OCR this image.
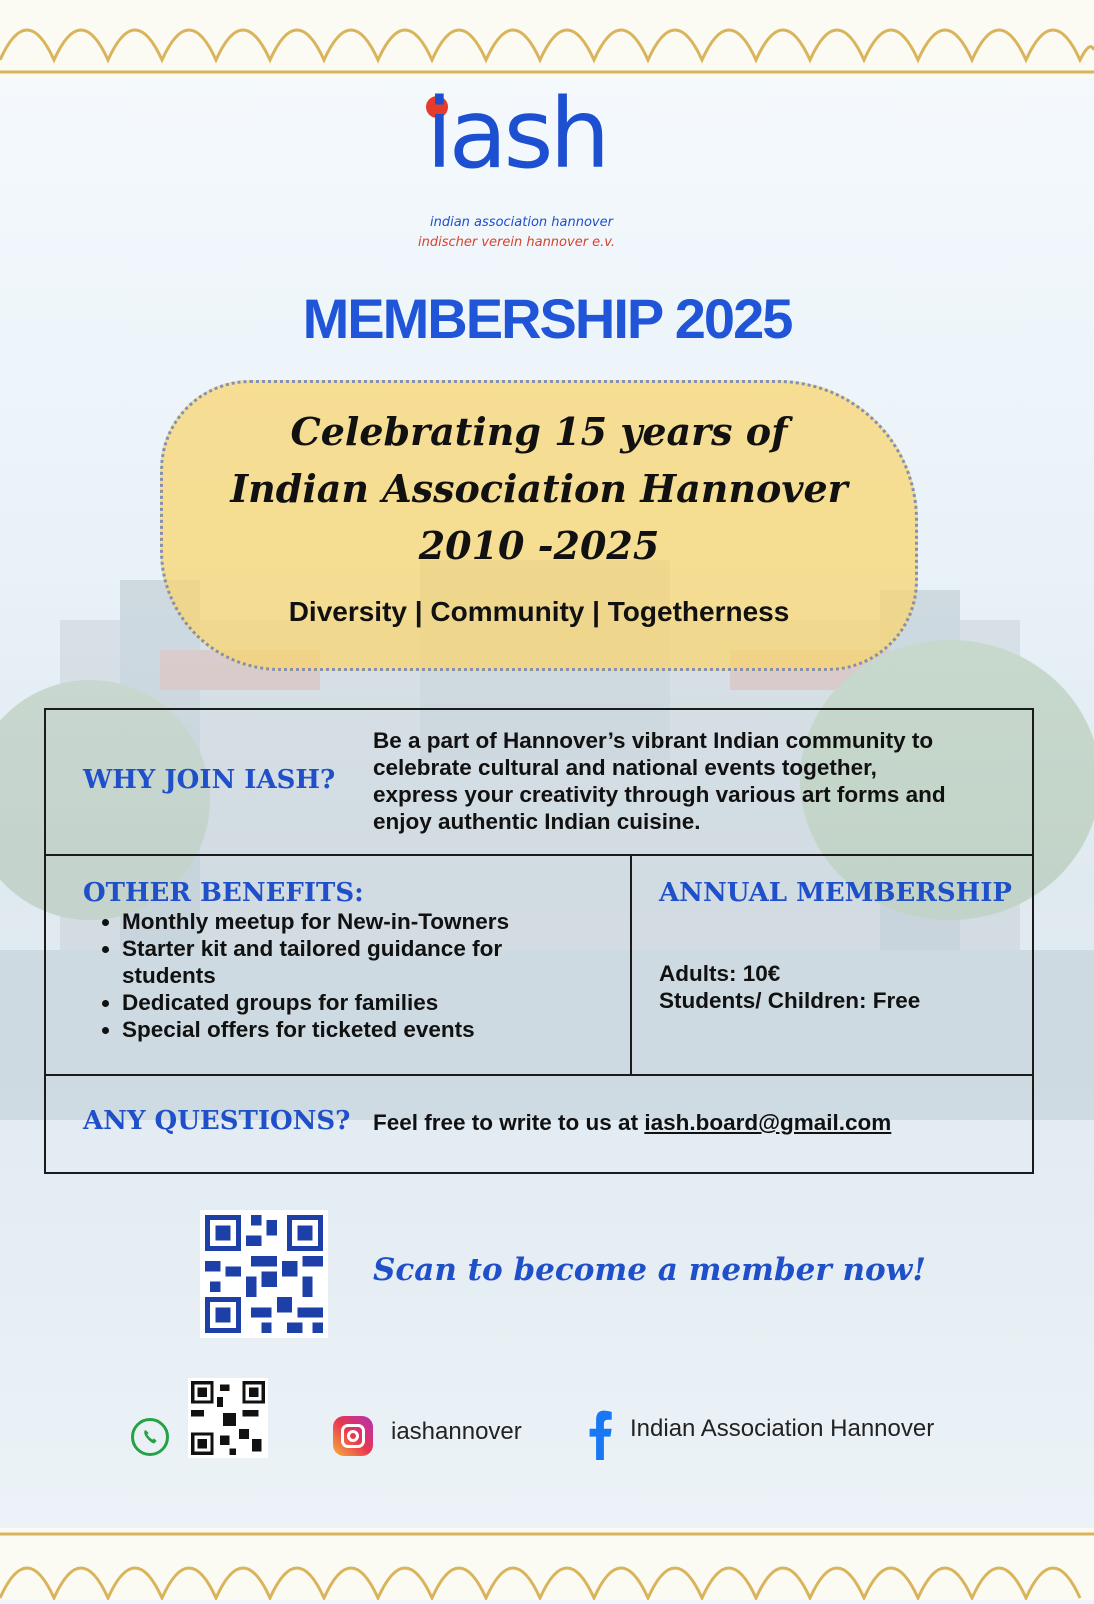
iash
indian association hannover
indischer verein hannover e.v.
MEMBERSHIP 2025
Celebrating 15 years of
Indian Association Hannover
2010 -2025
Diversity | Community | Togetherness
WHY JOIN IASH?
Be a part of Hannover’s vibrant Indian community to
celebrate cultural and national events together,
express your creativity through various art forms and
enjoy authentic Indian cuisine.

OTHER BENEFITS:
• Monthly meetup for New-in-Towners
• Starter kit and tailored guidance for students
• Dedicated groups for families
• Special offers for ticketed events

ANNUAL MEMBERSHIP
Adults: 10€
Students/ Children: Free

ANY QUESTIONS? Feel free to write to us at iash.board@gmail.com
Scan to become a member now!
iashannover	Indian Association Hannover
